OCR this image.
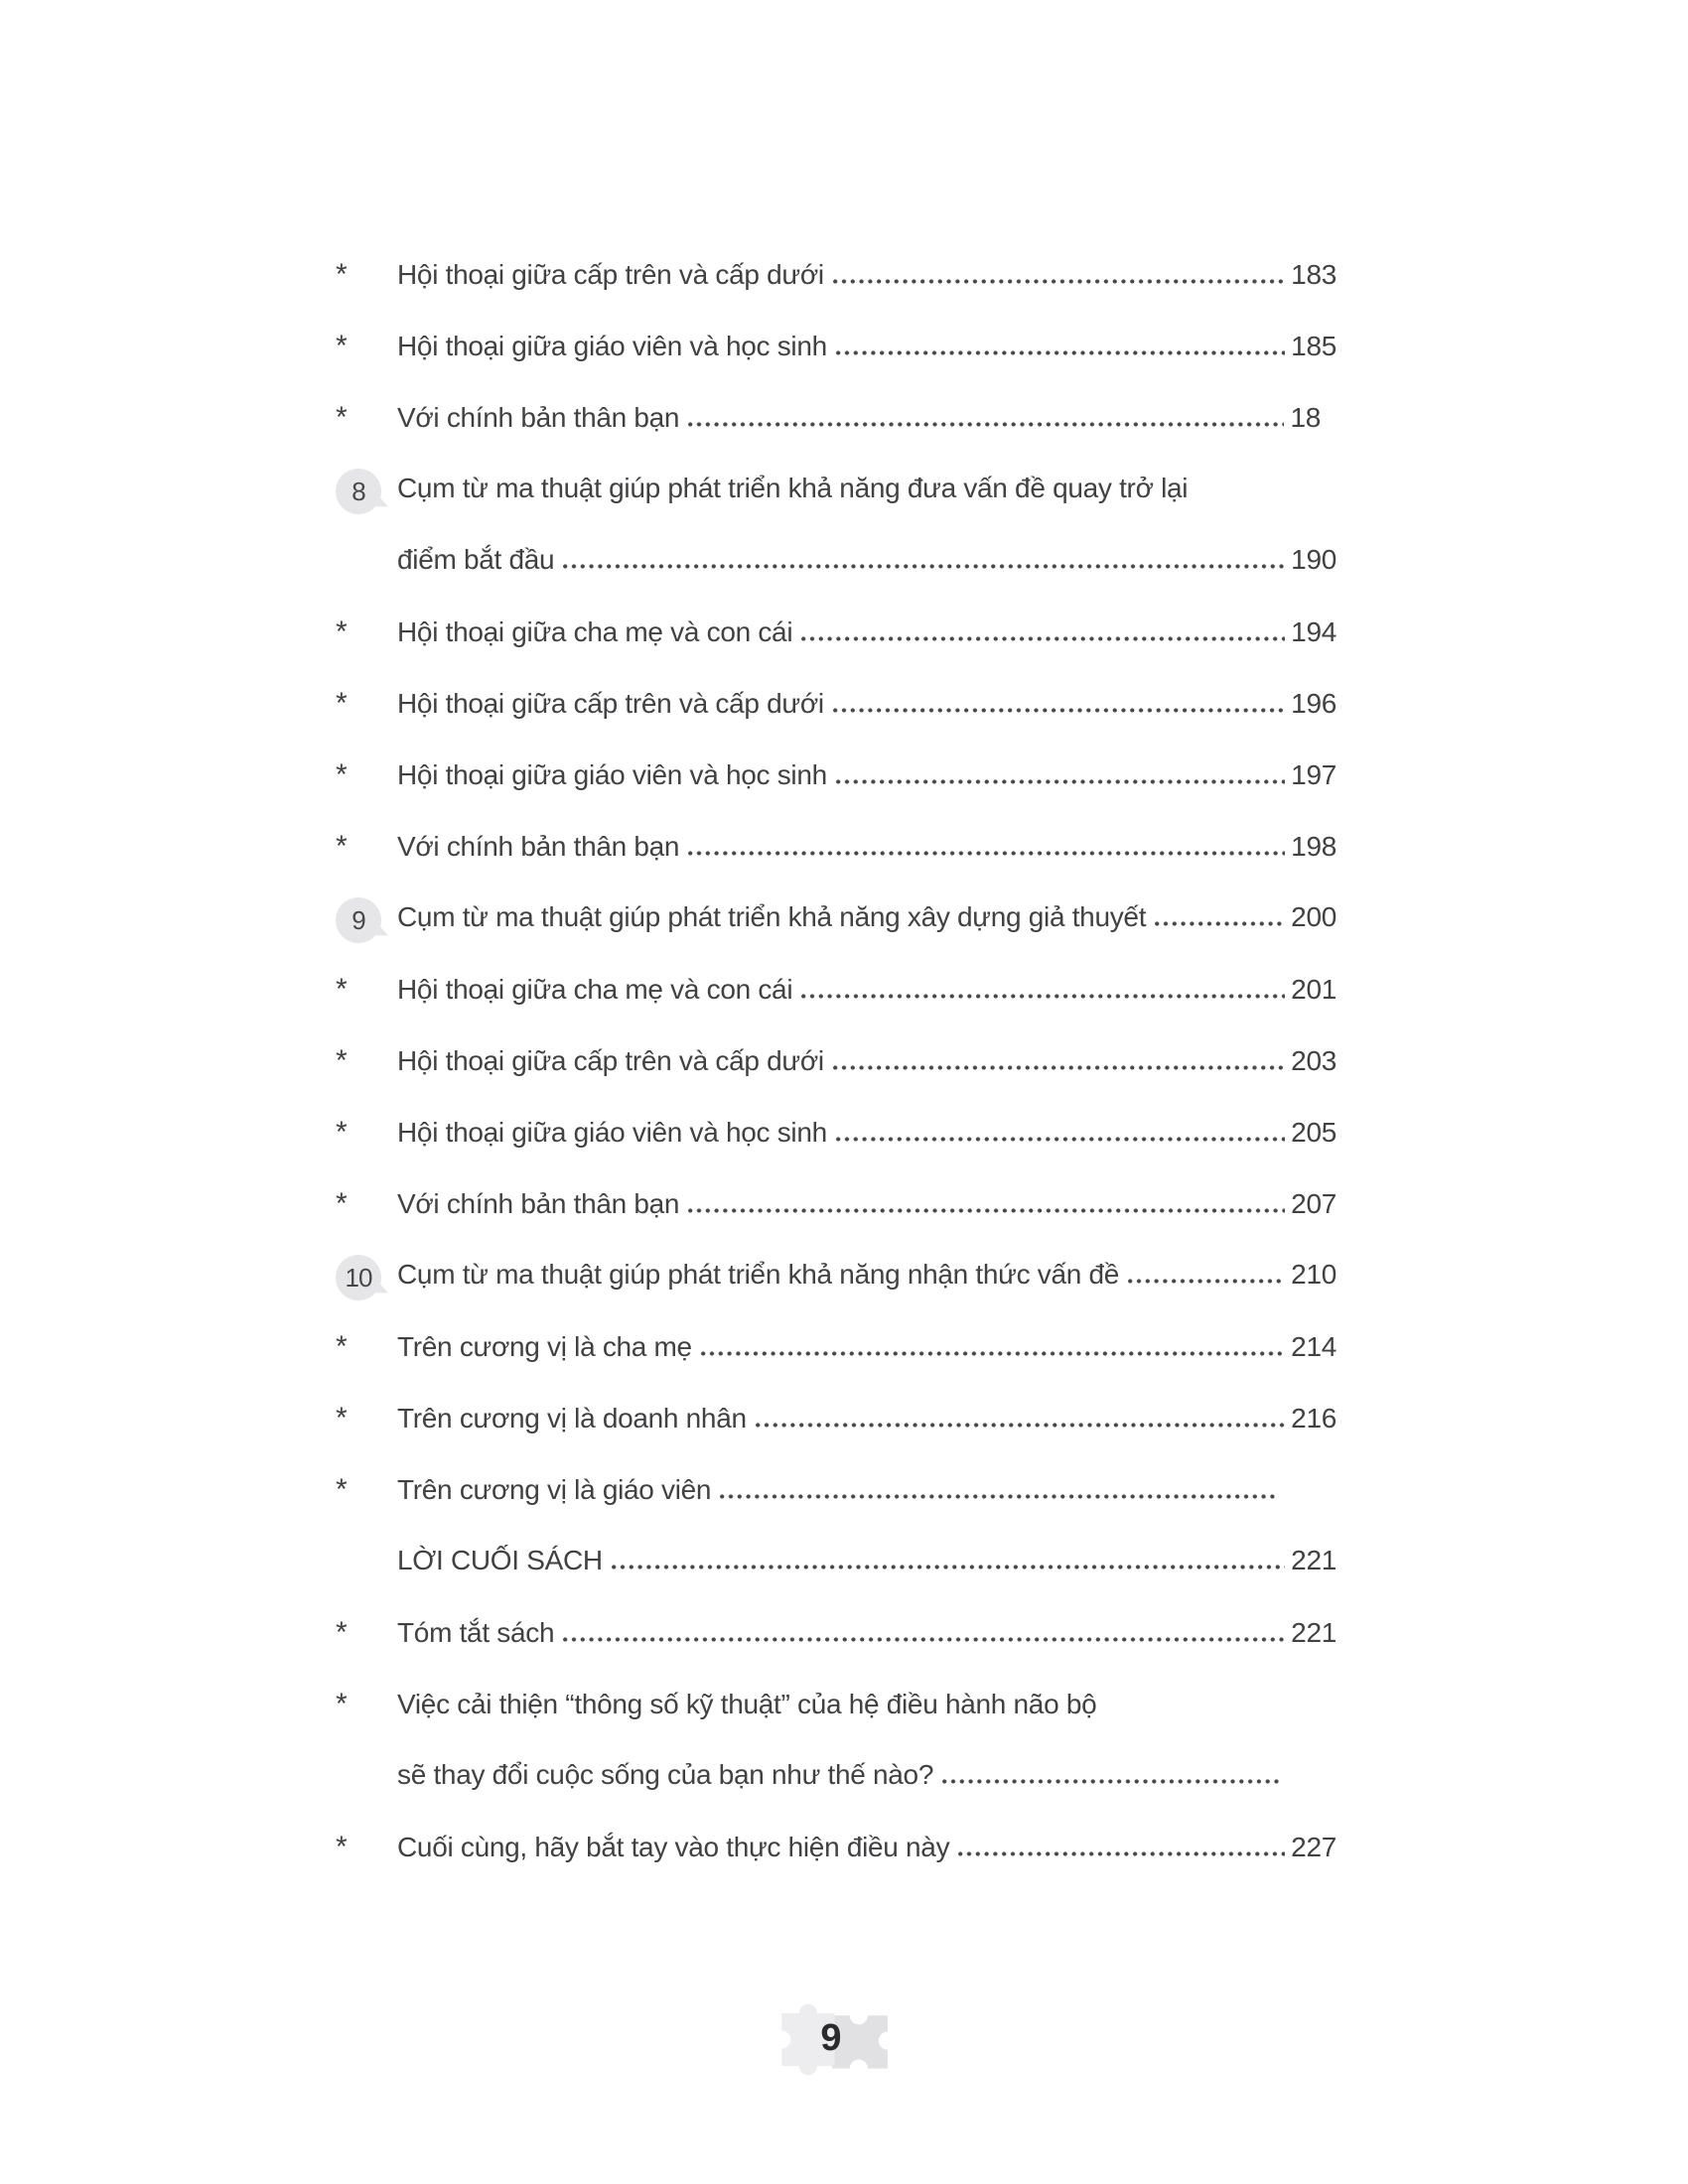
*	Hội thoại giữa cấp trên và cấp dưới	183
*	Hội thoại giữa giáo viên và học sinh	185
*	Với chính bản thân bạn	18
8 Cụm từ ma thuật giúp phát triển khả năng đưa vấn đề quay trở lại
điểm bắt đầu	190
*	Hội thoại giữa cha mẹ và con cái	194
*	Hội thoại giữa cấp trên và cấp dưới	196
*	Hội thoại giữa giáo viên và học sinh	197
*	Với chính bản thân bạn	198
9 Cụm từ ma thuật giúp phát triển khả năng xây dựng giả thuyết	200
*	Hội thoại giữa cha mẹ và con cái	201
*	Hội thoại giữa cấp trên và cấp dưới	203
*	Hội thoại giữa giáo viên và học sinh	205
*	Với chính bản thân bạn	207
10 Cụm từ ma thuật giúp phát triển khả năng nhận thức vấn đề	210
*	Trên cương vị là cha mẹ	214
*	Trên cương vị là doanh nhân	216
*	Trên cương vị là giáo viên
LỜI CUỐI SÁCH	221
*	Tóm tắt sách	221
*	Việc cải thiện “thông số kỹ thuật” của hệ điều hành não bộ
sẽ thay đổi cuộc sống của bạn như thế nào?
*	Cuối cùng, hãy bắt tay vào thực hiện điều này	227
9
